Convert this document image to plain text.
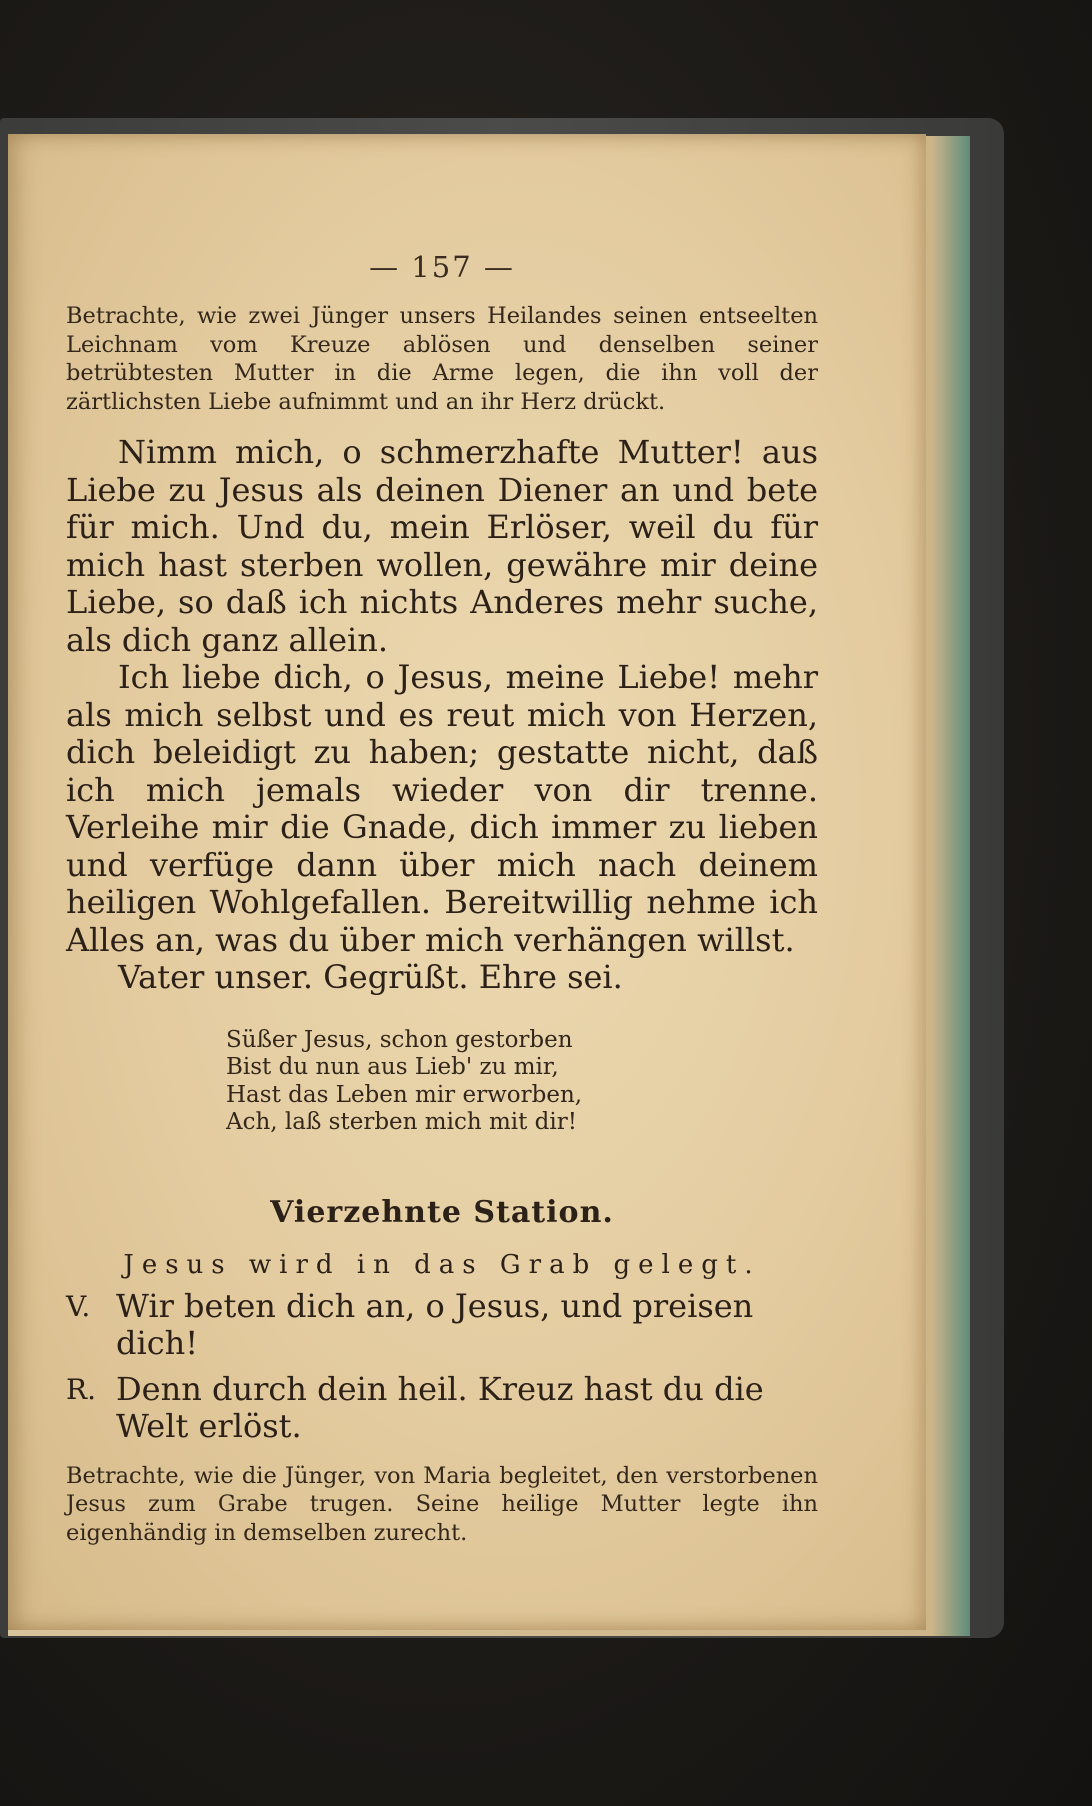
— 157 —

Betrachte, wie zwei Jünger unsers Heilandes seinen entseelten Leichnam vom Kreuze ablösen und denselben seiner betrübtesten Mutter in die Arme legen, die ihn voll der zärtlichsten Liebe aufnimmt und an ihr Herz drückt.

Nimm mich, o schmerzhafte Mutter! aus Liebe zu Jesus als deinen Diener an und bete für mich. Und du, mein Erlöser, weil du für mich hast sterben wollen, gewähre mir deine Liebe, so daß ich nichts Anderes mehr suche, als dich ganz allein.

Ich liebe dich, o Jesus, meine Liebe! mehr als mich selbst und es reut mich von Herzen, dich beleidigt zu haben; gestatte nicht, daß ich mich jemals wieder von dir trenne. Verleihe mir die Gnade, dich immer zu lieben und verfüge dann über mich nach deinem heiligen Wohlgefallen. Bereitwillig nehme ich Alles an, was du über mich verhängen willst.

Vater unser. Gegrüßt. Ehre sei.

Süßer Jesus, schon gestorben

Bist du nun aus Lieb' zu mir,

Hast das Leben mir erworben,

Ach, laß sterben mich mit dir!

Vierzehnte Station.

Jesus wird in das Grab gelegt.

V. Wir beten dich an, o Jesus, und preisen dich!
R. Denn durch dein heil. Kreuz hast du die Welt erlöst.

Betrachte, wie die Jünger, von Maria begleitet, den verstorbenen Jesus zum Grabe trugen. Seine heilige Mutter legte ihn eigenhändig in demselben zurecht.
